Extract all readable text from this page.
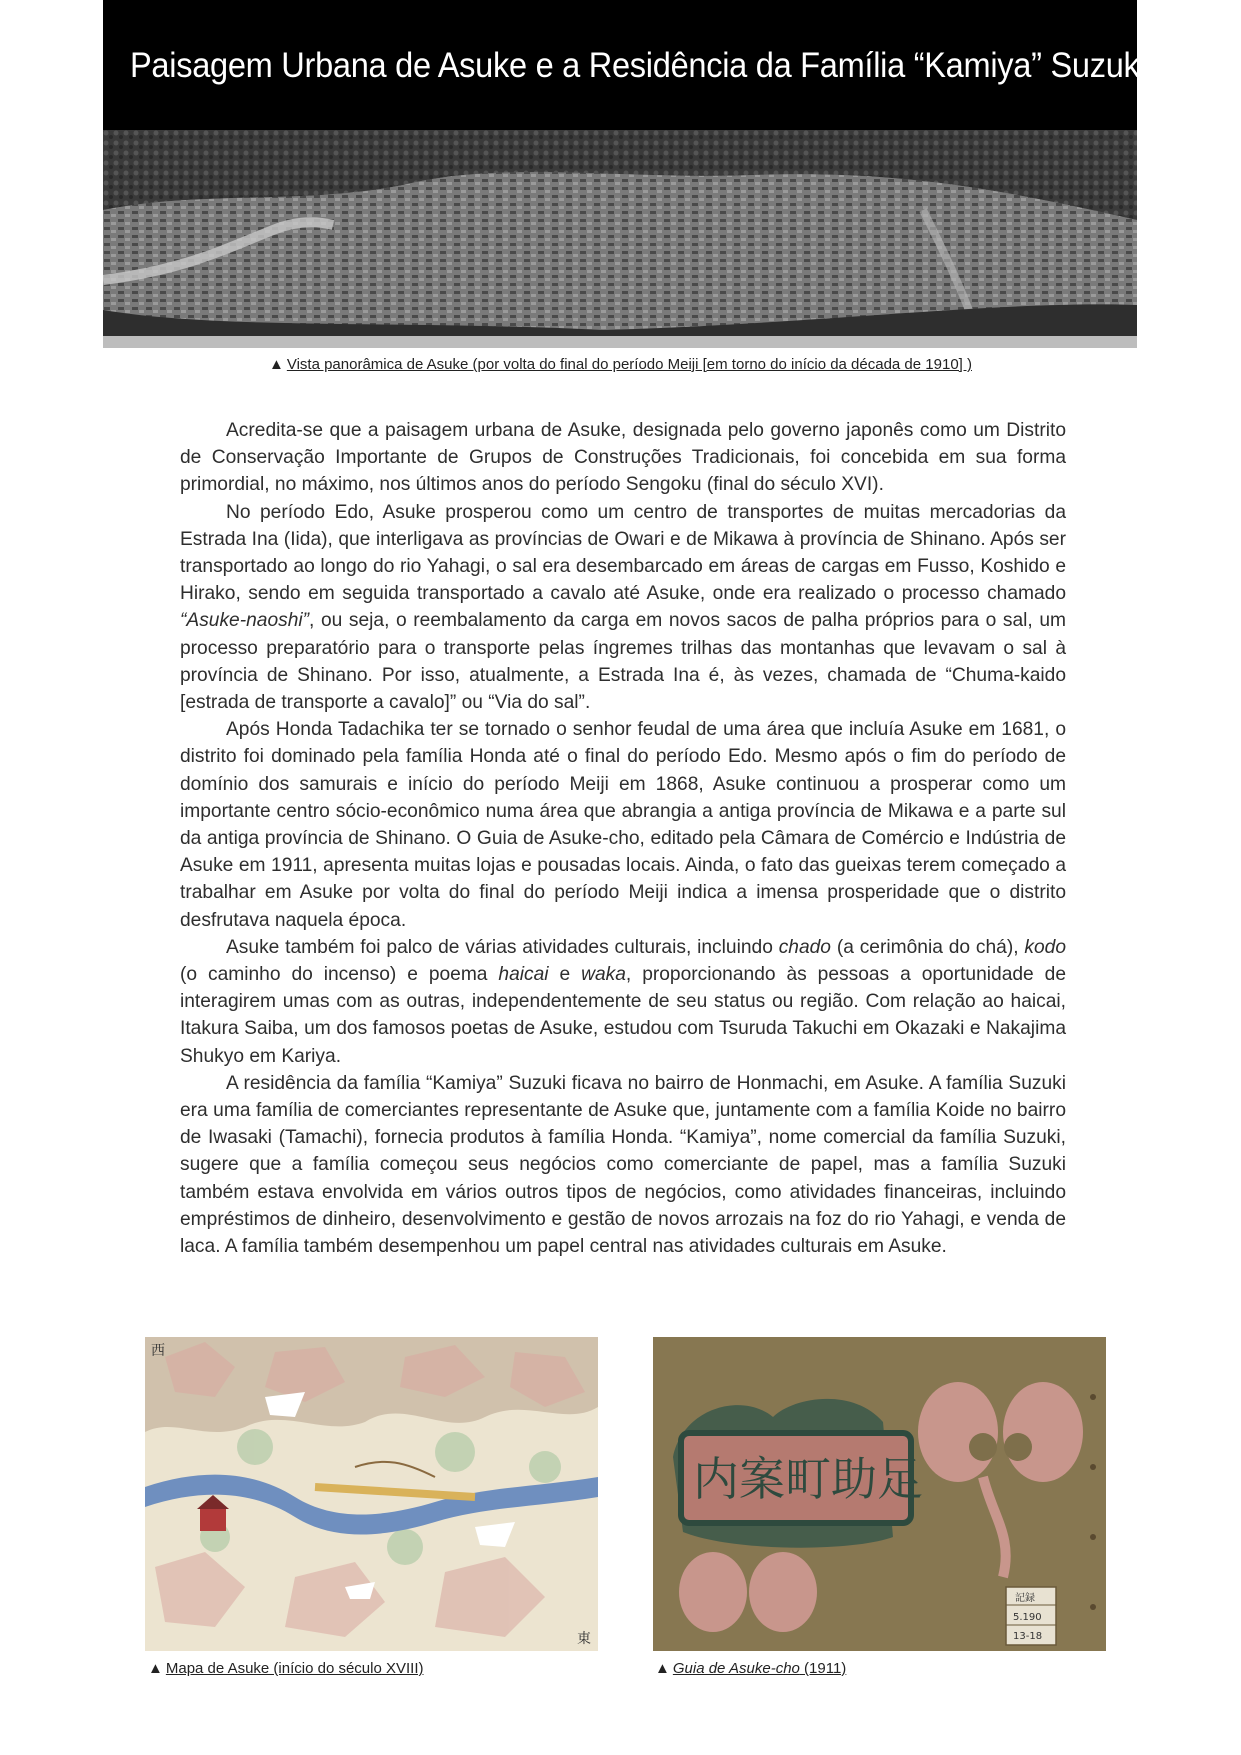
Paisagem Urbana de Asuke e a Residência da Família “Kamiya” Suzuki
▲ Vista panorâmica de Asuke (por volta do final do período Meiji [em torno do início da década de 1910] )

Acredita-se que a paisagem urbana de Asuke, designada pelo governo japonês como um Distrito de Conservação Importante de Grupos de Construções Tradicionais, foi concebida em sua forma primordial, no máximo, nos últimos anos do período Sengoku (final do século XVI).

No período Edo, Asuke prosperou como um centro de transportes de muitas mercadorias da Estrada Ina (Iida), que interligava as províncias de Owari e de Mikawa à província de Shinano. Após ser transportado ao longo do rio Yahagi, o sal era desembarcado em áreas de cargas em Fusso, Koshido e Hirako, sendo em seguida transportado a cavalo até Asuke, onde era realizado o processo chamado “Asuke-naoshi”, ou seja, o reembalamento da carga em novos sacos de palha próprios para o sal, um processo preparatório para o transporte pelas íngremes trilhas das montanhas que levavam o sal à província de Shinano. Por isso, atualmente, a Estrada Ina é, às vezes, chamada de “Chuma-kaido [estrada de transporte a cavalo]” ou “Via do sal”.

Após Honda Tadachika ter se tornado o senhor feudal de uma área que incluía Asuke em 1681, o distrito foi dominado pela família Honda até o final do período Edo. Mesmo após o fim do período de domínio dos samurais e início do período Meiji em 1868, Asuke continuou a prosperar como um importante centro sócio-econômico numa área que abrangia a antiga província de Mikawa e a parte sul da antiga província de Shinano. O Guia de Asuke-cho, editado pela Câmara de Comércio e Indústria de Asuke em 1911, apresenta muitas lojas e pousadas locais. Ainda, o fato das gueixas terem começado a trabalhar em Asuke por volta do final do período Meiji indica a imensa prosperidade que o distrito desfrutava naquela época.

Asuke também foi palco de várias atividades culturais, incluindo chado (a cerimônia do chá), kodo (o caminho do incenso) e poema haicai e waka, proporcionando às pessoas a oportunidade de interagirem umas com as outras, independentemente de seu status ou região. Com relação ao haicai, Itakura Saiba, um dos famosos poetas de Asuke, estudou com Tsuruda Takuchi em Okazaki e Nakajima Shukyo em Kariya.

A residência da família “Kamiya” Suzuki ficava no bairro de Honmachi, em Asuke. A família Suzuki era uma família de comerciantes representante de Asuke que, juntamente com a família Koide no bairro de Iwasaki (Tamachi), fornecia produtos à família Honda. “Kamiya”, nome comercial da família Suzuki, sugere que a família começou seus negócios como comerciante de papel, mas a família Suzuki também estava envolvida em vários outros tipos de negócios, como atividades financeiras, incluindo empréstimos de dinheiro, desenvolvimento e gestão de novos arrozais na foz do rio Yahagi, e venda de laca. A família também desempenhou um papel central nas atividades culturais em Asuke.

西
東
内案町助足
記録
5.190
13-18
▲ Mapa de Asuke (início do século XVIII)	▲ Guia de Asuke-cho (1911)
